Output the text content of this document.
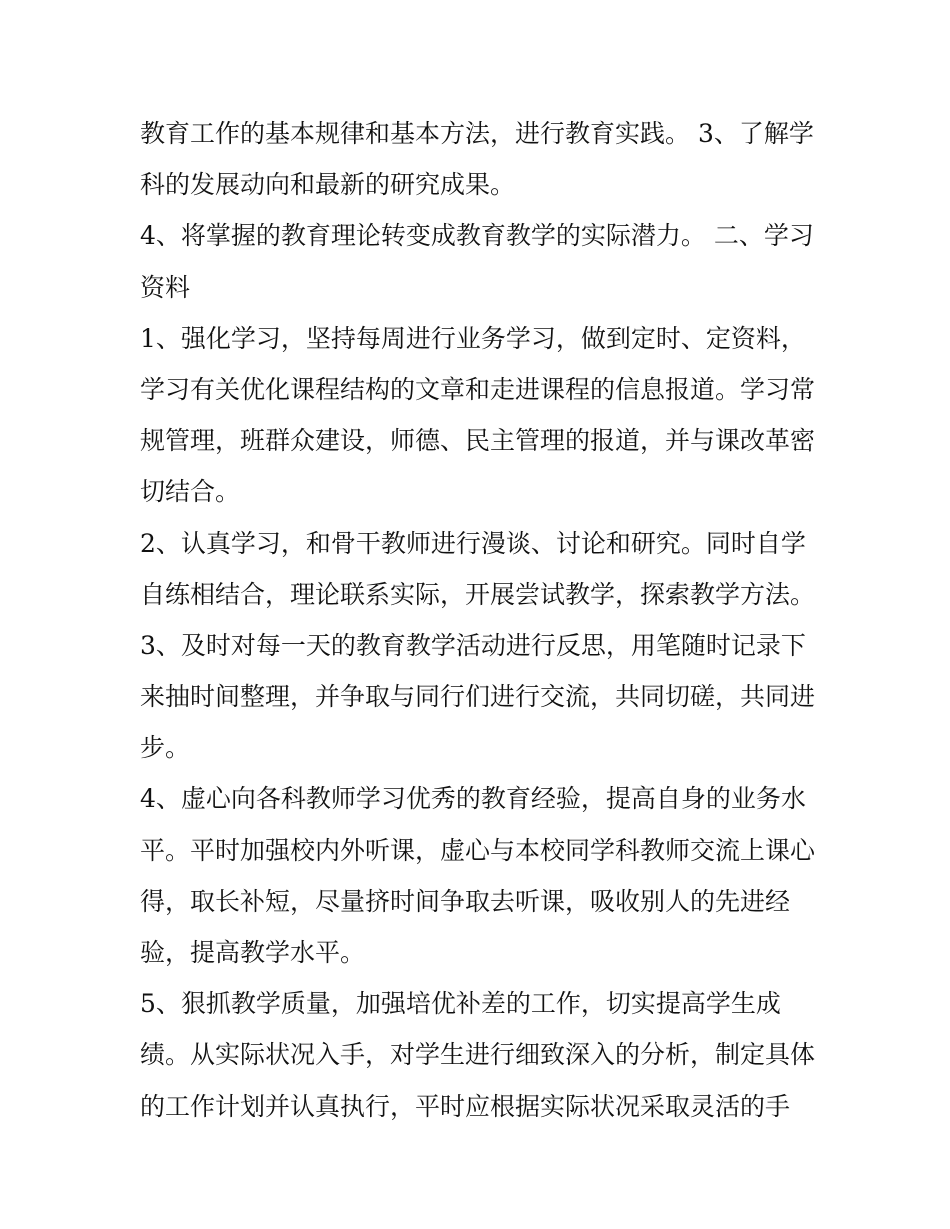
教育工作的基本规律和基本方法，进行教育实践。 3、了解学
科的发展动向和最新的研究成果。
4、将掌握的教育理论转变成教育教学的实际潜力。 二、学习
资料
1、强化学习，坚持每周进行业务学习，做到定时、定资料，
学习有关优化课程结构的文章和走进课程的信息报道。学习常
规管理，班群众建设，师德、民主管理的报道，并与课改革密
切结合。
2、认真学习，和骨干教师进行漫谈、讨论和研究。同时自学
自练相结合，理论联系实际，开展尝试教学，探索教学方法。
3、及时对每一天的教育教学活动进行反思，用笔随时记录下
来抽时间整理，并争取与同行们进行交流，共同切磋，共同进
步。
4、虚心向各科教师学习优秀的教育经验，提高自身的业务水
平。平时加强校内外听课，虚心与本校同学科教师交流上课心
得，取长补短，尽量挤时间争取去听课，吸收别人的先进经
验，提高教学水平。
5、狠抓教学质量，加强培优补差的工作，切实提高学生成
绩。从实际状况入手，对学生进行细致深入的分析，制定具体
的工作计划并认真执行，平时应根据实际状况采取灵活的手
